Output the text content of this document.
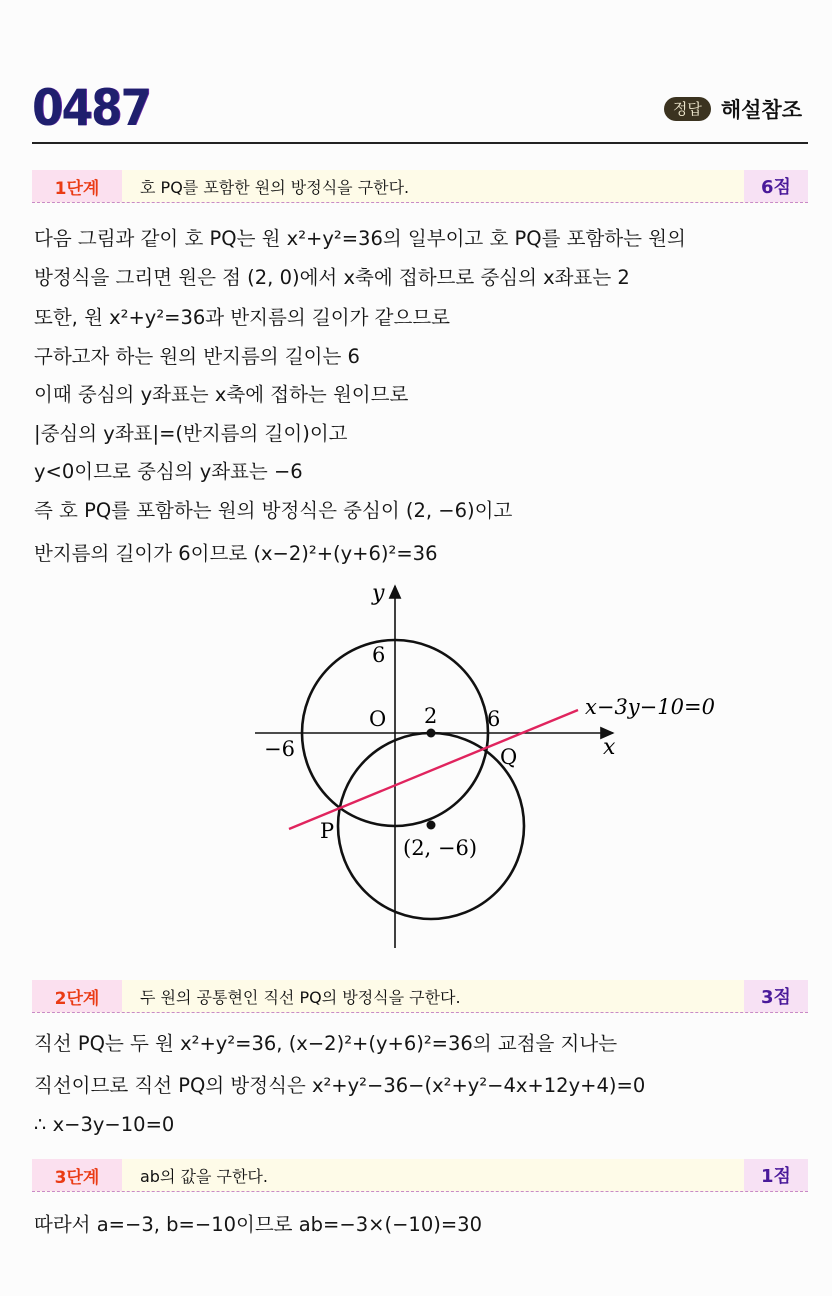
0487	정답 해설참조
1단계	호 PQ를 포함한 원의 방정식을 구한다.	6점
다음 그림과 같이 호 PQ는 원 x²+y²=36의 일부이고 호 PQ를 포함하는 원의
방정식을 그리면 원은 점 (2, 0)에서 x축에 접하므로 중심의 x좌표는 2
또한, 원 x²+y²=36과 반지름의 길이가 같으므로
구하고자 하는 원의 반지름의 길이는 6
이때 중심의 y좌표는 x축에 접하는 원이므로
|중심의 y좌표|=(반지름의 길이)이고
y<0이므로 중심의 y좌표는 −6
즉 호 PQ를 포함하는 원의 방정식은 중심이 (2, −6)이고
반지름의 길이가 6이므로 (x−2)²+(y+6)²=36
y
x
6
O 2 6
−6	Q
P
(2, −6)
x−3y−10=0
2단계	두 원의 공통현인 직선 PQ의 방정식을 구한다.	3점
직선 PQ는 두 원 x²+y²=36, (x−2)²+(y+6)²=36의 교점을 지나는
직선이므로 직선 PQ의 방정식은 x²+y²−36−(x²+y²−4x+12y+4)=0
∴ x−3y−10=0
3단계	ab의 값을 구한다.	1점
따라서 a=−3, b=−10이므로 ab=−3×(−10)=30
